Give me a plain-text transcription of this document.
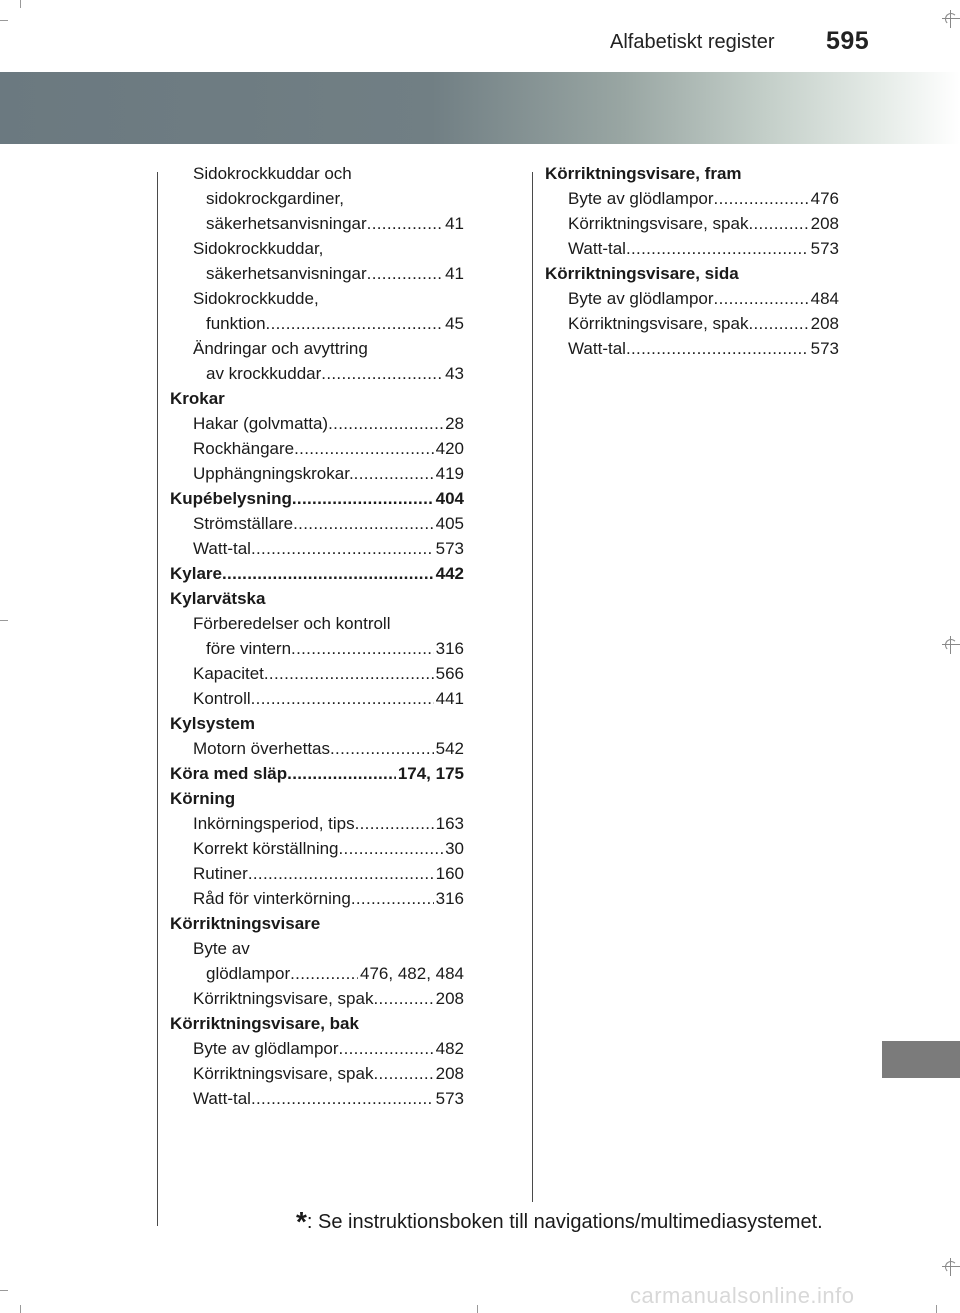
Alfabetiskt register 595
Sidokrockkuddar och
sidokrockgardiner,
säkerhetsanvisningar . . .	41
Sidokrockkuddar,
säkerhetsanvisningar . . .	41
Sidokrockkudde,
funktion . . .	45
Ändringar och avyttring
av krockkuddar . . .	43
Krokar
Hakar (golvmatta) . . .	28
Rockhängare . . .	420
Upphängningskrokar. . . .	419
Kupébelysning . . .	404
Strömställare . . .	405
Watt-tal . . .	573
Kylare . . .	442
Kylarvätska
Förberedelser och kontroll
före vintern . . .	316
Kapacitet . . .	566
Kontroll . . .	441
Kylsystem
Motorn överhettas . . .	542
Köra med släp . . .	174, 175
Körning
Inkörningsperiod, tips . . .	163
Korrekt körställning . . .	30
Rutiner . . .	160
Råd för vinterkörning . . .	316
Körriktningsvisare
Byte av
glödlampor . . .	476, 482, 484
Körriktningsvisare, spak . . .	208
Körriktningsvisare, bak
Byte av glödlampor . . .	482
Körriktningsvisare, spak . . .	208
Watt-tal . . .	573
Körriktningsvisare, fram
Byte av glödlampor . . .	476
Körriktningsvisare, spak . . .	208
Watt-tal . . .	573
Körriktningsvisare, sida
Byte av glödlampor . . .	484
Körriktningsvisare, spak . . .	208
Watt-tal . . .	573
*: Se instruktionsboken till navigations/multimediasystemet.
carmanualsonline.info
